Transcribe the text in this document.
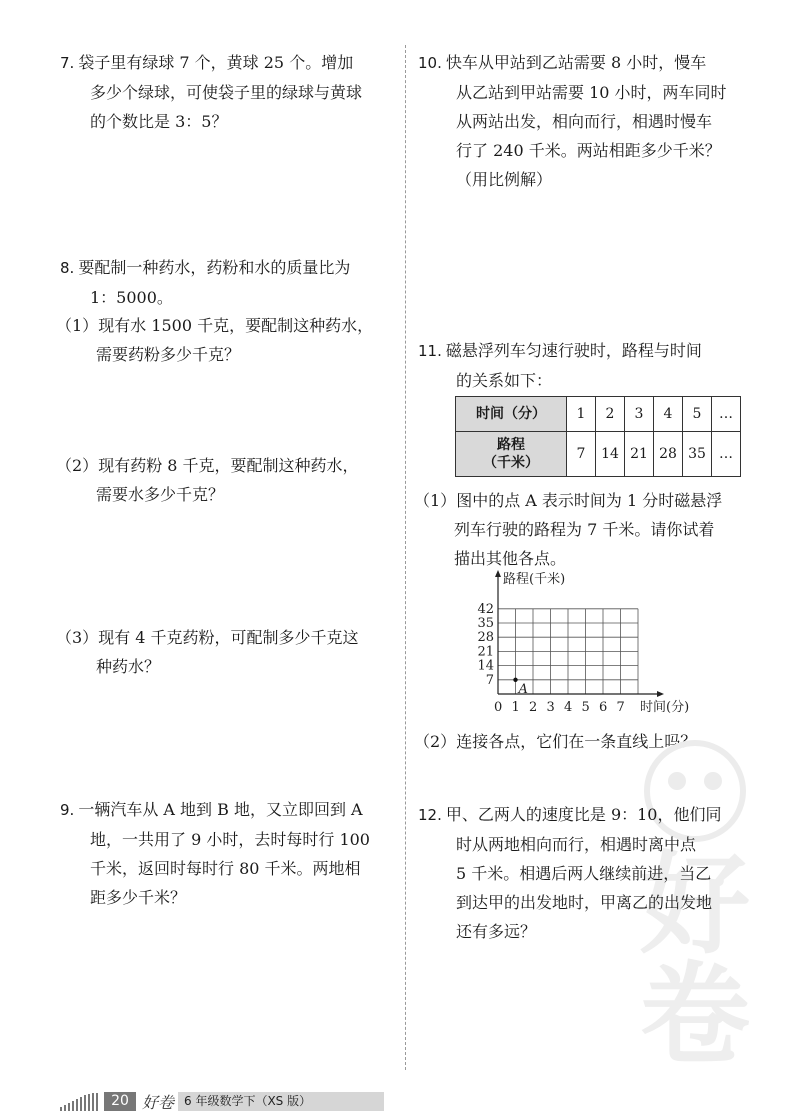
7. 袋子里有绿球 7 个，黄球 25 个。增加
多少个绿球，可使袋子里的绿球与黄球
的个数比是 3：5？
8. 要配制一种药水，药粉和水的质量比为
1：5000。
（1）现有水 1500 千克，要配制这种药水，
需要药粉多少千克？
（2）现有药粉 8 千克，要配制这种药水，
需要水多少千克？
（3）现有 4 千克药粉，可配制多少千克这
种药水？
9. 一辆汽车从 A 地到 B 地，又立即回到 A
地，一共用了 9 小时，去时每时行 100
千米，返回时每时行 80 千米。两地相
距多少千米？
10. 快车从甲站到乙站需要 8 小时，慢车
从乙站到甲站需要 10 小时，两车同时
从两站出发，相向而行，相遇时慢车
行了 240 千米。两站相距多少千米？
（用比例解）
11. 磁悬浮列车匀速行驶时，路程与时间
的关系如下：
时间（分）	1	2	3	4	5	…
路程
（千米）	7	14	21	28	35	…
（1）图中的点 A 表示时间为 1 分时磁悬浮
列车行驶的路程为 7 千米。请你试着
描出其他各点。
0 1 2 3 4 5 6 7
7
14
21
28
35
42
路程(千米)
时间(分)
A
（2）连接各点，它们在一条直线上吗？
好
卷
12. 甲、乙两人的速度比是 9：10，他们同
时从两地相向而行，相遇时离中点
5 千米。相遇后两人继续前进，当乙
到达甲的出发地时，甲离乙的出发地
还有多远？
20 好卷 6 年级数学下（XS 版）
